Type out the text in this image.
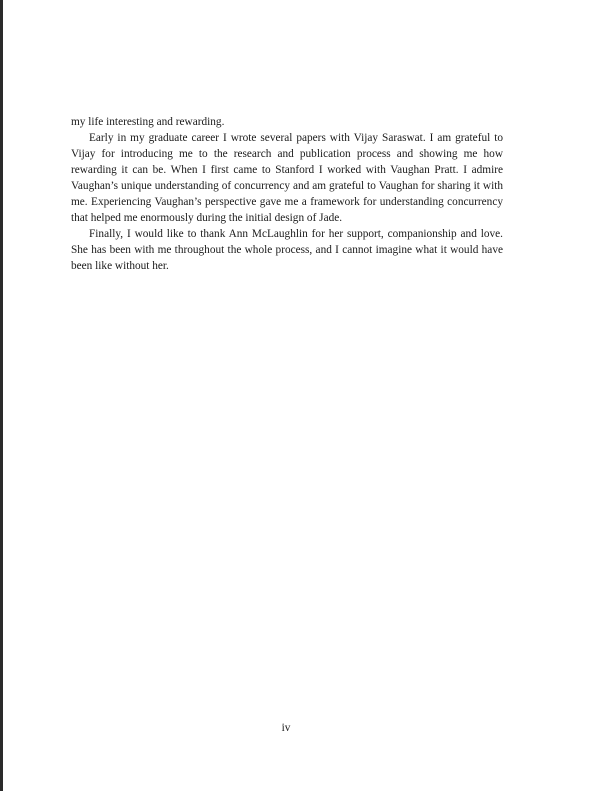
my life interesting and rewarding.

Early in my graduate career I wrote several papers with Vijay Saraswat. I am grateful to Vijay for introducing me to the research and publication process and showing me how rewarding it can be. When I first came to Stanford I worked with Vaughan Pratt. I admire Vaughan’s unique understanding of concurrency and am grateful to Vaughan for sharing it with me. Experiencing Vaughan’s perspective gave me a framework for understanding concurrency that helped me enormously during the initial design of Jade.

Finally, I would like to thank Ann McLaughlin for her support, companionship and love. She has been with me throughout the whole process, and I cannot imagine what it would have been like without her.

iv
